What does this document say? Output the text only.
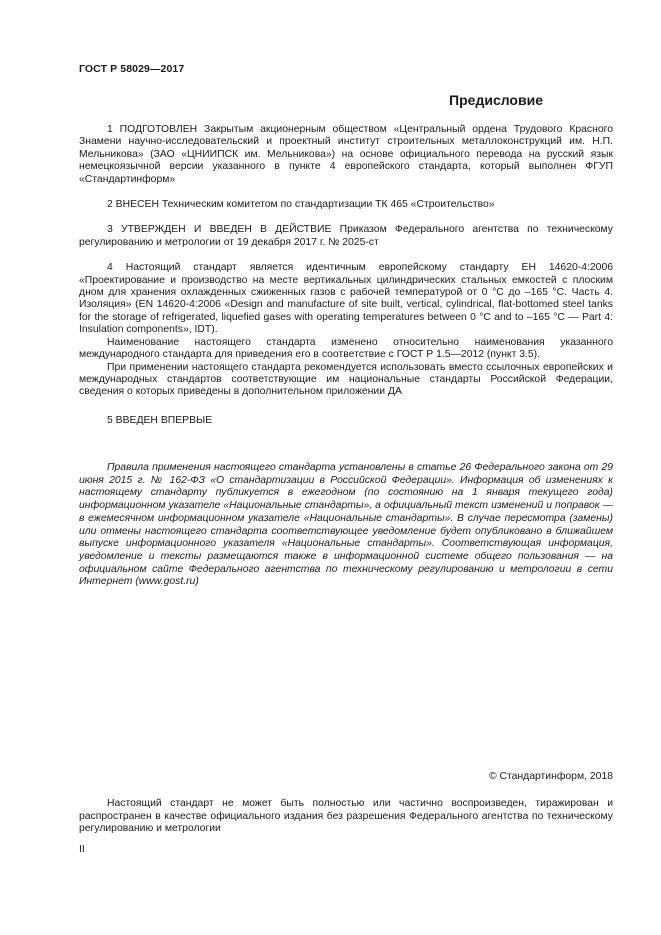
ГОСТ Р 58029—2017
Предисловие

1 ПОДГОТОВЛЕН Закрытым акционерным обществом «Центральный ордена Трудового Красного Знамени научно-исследовательский и проектный институт строительных металлоконструкций им. Н.П. Мельникова» (ЗАО «ЦНИИПСК им. Мельникова») на основе официального перевода на русский язык немецкоязычной версии указанного в пункте 4 европейского стандарта, который выполнен ФГУП «Стандартинформ»

2 ВНЕСЕН Техническим комитетом по стандартизации ТК 465 «Строительство»

3 УТВЕРЖДЕН И ВВЕДЕН В ДЕЙСТВИЕ Приказом Федерального агентства по техническому регулированию и метрологии от 19 декабря 2017 г. № 2025-ст

4 Настоящий стандарт является идентичным европейскому стандарту ЕН 14620-4:2006 «Проектирование и производство на месте вертикальных цилиндрических стальных емкостей с плоским дном для хранения охлажденных сжиженных газов с рабочей температурой от 0 °С до –165 °С. Часть 4. Изоляция» (EN 14620-4:2006 «Design and manufacture of site built, vertical, cylindrical, flat-bottomed steel tanks for the storage of refrigerated, liquefied gases with operating temperatures between 0 °C and to –165 °C — Part 4: Insulation components», IDT).

Наименование настоящего стандарта изменено относительно наименования указанного международного стандарта для приведения его в соответствие с ГОСТ Р 1.5—2012 (пункт 3.5).

При применении настоящего стандарта рекомендуется использовать вместо ссылочных европейских и международных стандартов соответствующие им национальные стандарты Российской Федерации, сведения о которых приведены в дополнительном приложении ДА

5 ВВЕДЕН ВПЕРВЫЕ

Правила применения настоящего стандарта установлены в статье 26 Федерального закона от 29 июня 2015 г. № 162-ФЗ «О стандартизации в Российской Федерации». Информация об изменениях к настоящему стандарту публикуется в ежегодном (по состоянию на 1 января текущего года) информационном указателе «Национальные стандарты», а официальный текст изменений и поправок — в ежемесячном информационном указателе «Национальные стандарты». В случае пересмотра (замены) или отмены настоящего стандарта соответствующее уведомление будет опубликовано в ближайшем выпуске информационного указателя «Национальные стандарты». Соответствующая информация, уведомление и тексты размещаются также в информационной системе общего пользования — на официальном сайте Федерального агентства по техническому регулированию и метрологии в сети Интернет (www.gost.ru)

© Стандартинформ, 2018

Настоящий стандарт не может быть полностью или частично воспроизведен, тиражирован и распространен в качестве официального издания без разрешения Федерального агентства по техническому регулированию и метрологии

II
